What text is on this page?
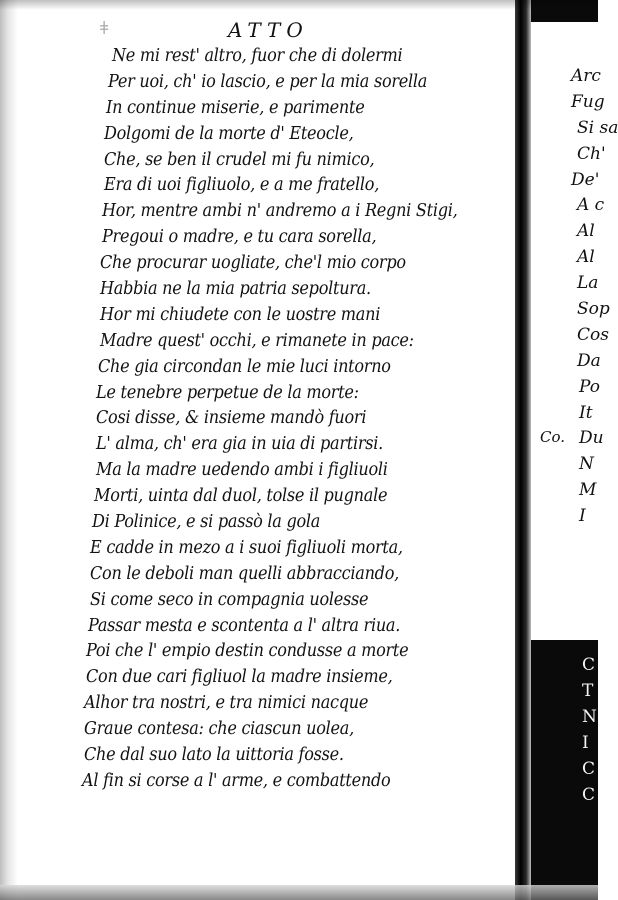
ǂ	ATTO
Ne mi rest' altro, fuor che di dolermi
Per uoi, ch' io lascio, e per la mia sorella
In continue miserie, e parimente
Dolgomi de la morte d' Eteocle,
Che, se ben il crudel mi fu nimico,
Era di uoi figliuolo, e a me fratello,
Hor, mentre ambi n' andremo a i Regni Stigi,
Pregoui o madre, e tu cara sorella,
Che procurar uogliate, che'l mio corpo
Habbia ne la mia patria sepoltura.
Hor mi chiudete con le uostre mani
Madre quest' occhi, e rimanete in pace:
Che gia circondan le mie luci intorno
Le tenebre perpetue de la morte:
Cosi disse, & insieme mandò fuori
L' alma, ch' era gia in uia di partirsi.
Ma la madre uedendo ambi i figliuoli
Morti, uinta dal duol, tolse il pugnale
Di Polinice, e si passò la gola
E cadde in mezo a i suoi figliuoli morta,
Con le deboli man quelli abbracciando,
Si come seco in compagnia uolesse
Passar mesta e scontenta a l' altra riua.
Poi che l' empio destin condusse a morte
Con due cari figliuol la madre insieme,
Alhor tra nostri, e tra nimici nacque
Graue contesa: che ciascun uolea,
Che dal suo lato la uittoria fosse.
Al fin si corse a l' arme, e combattendo
Arc
Fug
Si sa
Ch'
De'
A c
Al
Al
La
Sop
Cos
Da
Po
It
Du
N
M
I
Co.
C
T
N
I
C
C
